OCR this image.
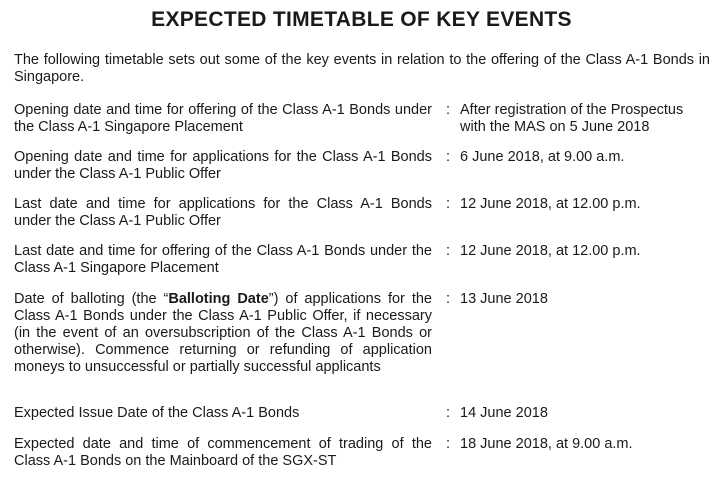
EXPECTED TIMETABLE OF KEY EVENTS

The following timetable sets out some of the key events in relation to the offering of the Class A-1 Bonds in Singapore.

Opening date and time for offering of the Class A-1 Bonds under the Class A-1 Singapore Placement

: After registration of the Prospectus with the MAS on 5 June 2018

Opening date and time for applications for the Class A-1 Bonds under the Class A-1 Public Offer

: 6 June 2018, at 9.00 a.m.

Last date and time for applications for the Class A-1 Bonds under the Class A-1 Public Offer

: 12 June 2018, at 12.00 p.m.

Last date and time for offering of the Class A-1 Bonds under the Class A-1 Singapore Placement

: 12 June 2018, at 12.00 p.m.

Date of balloting (the “Balloting Date”) of applications for the Class A-1 Bonds under the Class A-1 Public Offer, if necessary (in the event of an oversubscription of the Class A-1 Bonds or otherwise). Commence returning or refunding of application moneys to unsuccessful or partially successful applicants

: 13 June 2018

Expected Issue Date of the Class A-1 Bonds	: 14 June 2018

Expected date and time of commencement of trading of the Class A-1 Bonds on the Mainboard of the SGX-ST

: 18 June 2018, at 9.00 a.m.
